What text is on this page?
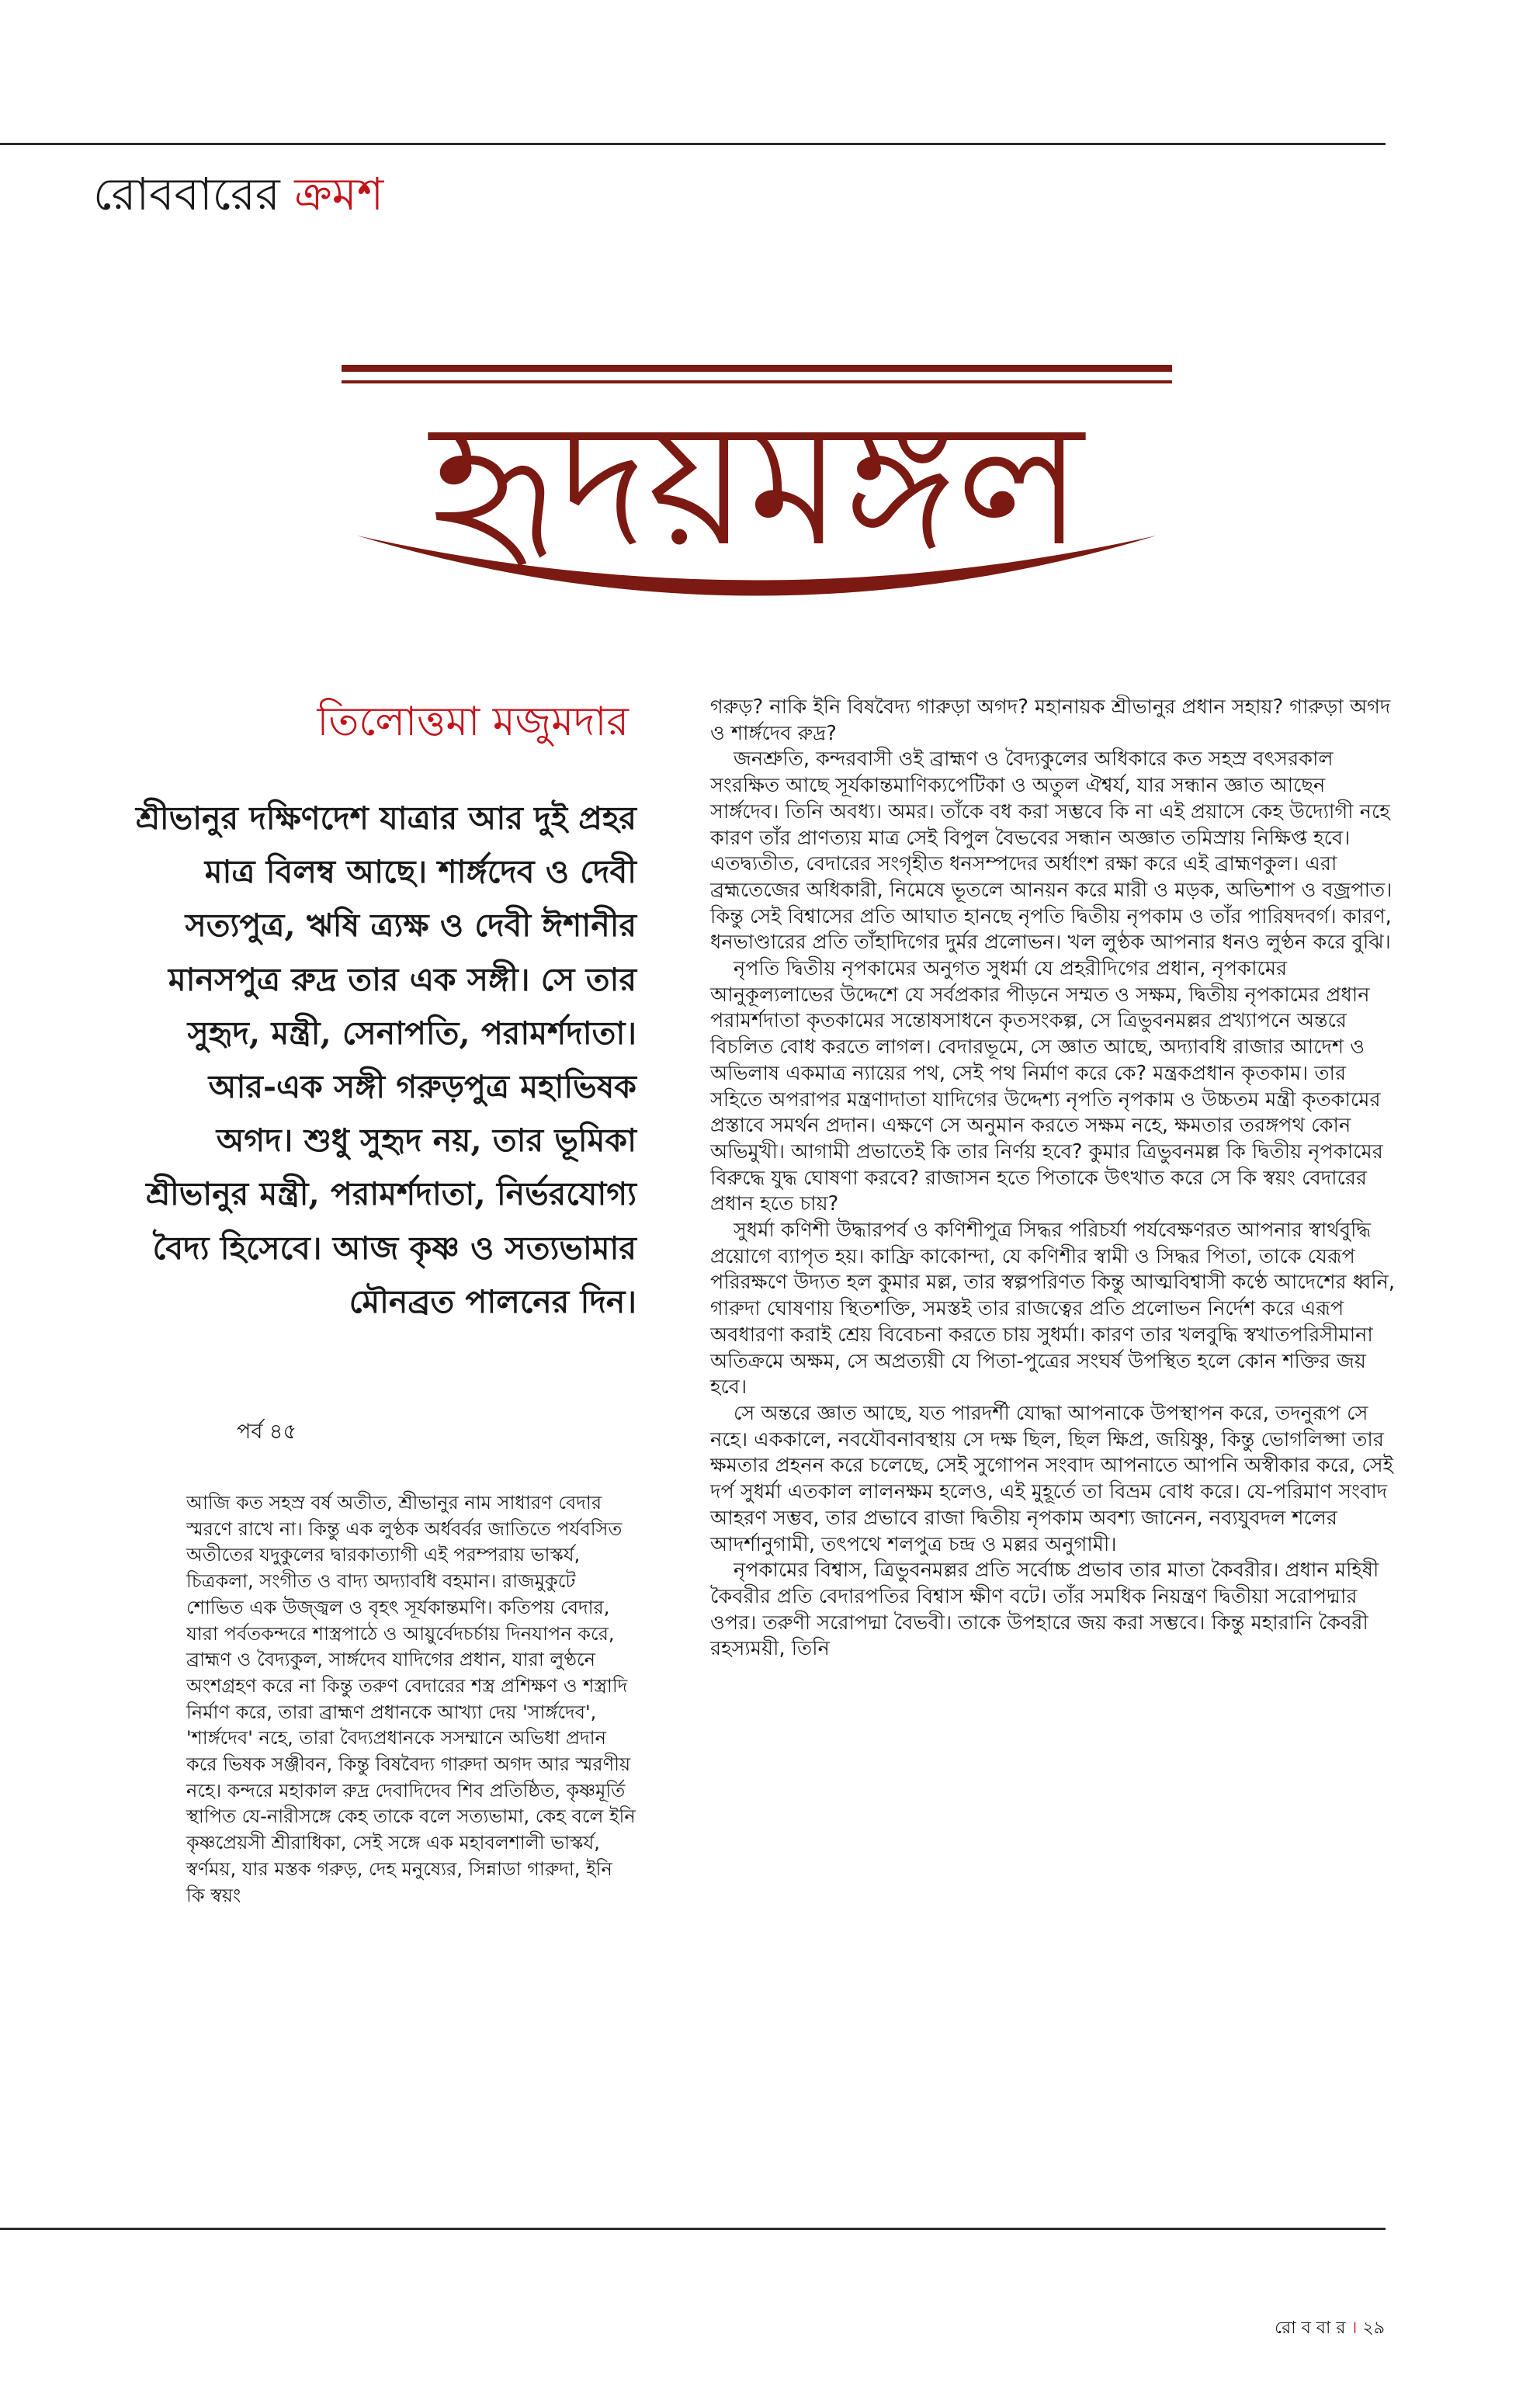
রোববারের ক্রমশ
হৃদয়মঙ্গল
তিলোত্তমা মজুমদার
শ্রীভানুর দক্ষিণদেশ যাত্রার আর দুই প্রহর মাত্র বিলম্ব আছে। শার্ঙ্গদেব ও দেবী সত্যপুত্র, ঋষি ত্র্যক্ষ ও দেবী ঈশানীর মানসপুত্র রুদ্র তার এক সঙ্গী। সে তার সুহৃদ, মন্ত্রী, সেনাপতি, পরামর্শদাতা। আর-এক সঙ্গী গরুড়পুত্র মহাভিষক অগদ। শুধু সুহৃদ নয়, তার ভূমিকা শ্রীভানুর মন্ত্রী, পরামর্শদাতা, নির্ভরযোগ্য বৈদ্য হিসেবে। আজ কৃষ্ণ ও সত্যভামার মৌনব্রত পালনের দিন।
পর্ব ৪৫
আজি কত সহস্র বর্ষ অতীত, শ্রীভানুর নাম সাধারণ বেদার স্মরণে রাখে না। কিন্তু এক লুণ্ঠক অর্ধবর্বর জাতিতে পর্যবসিত অতীতের যদুকুলের দ্বারকাত্যাগী এই পরম্পরায় ভাস্কর্য, চিত্রকলা, সংগীত ও বাদ্য অদ্যাবধি বহমান। রাজমুকুটে শোভিত এক উজ্জ্বল ও বৃহৎ সূর্যকান্তমণি। কতিপয় বেদার, যারা পর্বতকন্দরে শাস্ত্রপাঠে ও আয়ুর্বেদচর্চায় দিনযাপন করে, ব্রাহ্মণ ও বৈদ্যকুল, সার্ঙ্গদেব যাদিগের প্রধান, যারা লুণ্ঠনে অংশগ্রহণ করে না কিন্তু তরুণ বেদারের শস্ত্র প্রশিক্ষণ ও শস্ত্রাদি নির্মাণ করে, তারা ব্রাহ্মণ প্রধানকে আখ্যা দেয় 'সার্ঙ্গদেব', 'শার্ঙ্গদেব' নহে, তারা বৈদ্যপ্রধানকে সসম্মানে অভিধা প্রদান করে ভিষক সঞ্জীবন, কিন্তু বিষবৈদ্য গারুদা অগদ আর স্মরণীয় নহে। কন্দরে মহাকাল রুদ্র দেবাদিদেব শিব প্রতিষ্ঠিত, কৃষ্ণমূর্তি স্থাপিত যে-নারীসঙ্গে কেহ তাকে বলে সত্যভামা, কেহ বলে ইনি কৃষ্ণপ্রেয়সী শ্রীরাধিকা, সেই সঙ্গে এক মহাবলশালী ভাস্কর্য, স্বর্ণময়, যার মস্তক গরুড়, দেহ মনুষ্যের, সিন্নাডা গারুদা, ইনি কি স্বয়ং

গরুড়? নাকি ইনি বিষবৈদ্য গারুড়া অগদ? মহানায়ক শ্রীভানুর প্রধান সহায়? গারুড়া অগদ ও শার্ঙ্গদেব রুদ্র?

জনশ্রুতি, কন্দরবাসী ওই ব্রাহ্মণ ও বৈদ্যকুলের অধিকারে কত সহস্র বৎসরকাল সংরক্ষিত আছে সূর্যকান্তমাণিক্যপেটিকা ও অতুল ঐশ্বর্য, যার সন্ধান জ্ঞাত আছেন সার্ঙ্গদেব। তিনি অবধ্য। অমর। তাঁকে বধ করা সম্ভবে কি না এই প্রয়াসে কেহ উদ্যোগী নহে কারণ তাঁর প্রাণত্যয় মাত্র সেই বিপুল বৈভবের সন্ধান অজ্ঞাত তমিস্রায় নিক্ষিপ্ত হবে। এতদ্ব্যতীত, বেদারের সংগৃহীত ধনসম্পদের অর্ধাংশ রক্ষা করে এই ব্রাহ্মণকুল। এরা ব্রহ্মতেজের অধিকারী, নিমেষে ভূতলে আনয়ন করে মারী ও মড়ক, অভিশাপ ও বজ্রপাত। কিন্তু সেই বিশ্বাসের প্রতি আঘাত হানছে নৃপতি দ্বিতীয় নৃপকাম ও তাঁর পারিষদবর্গ। কারণ, ধনভাণ্ডারের প্রতি তাঁহাদিগের দুর্মর প্রলোভন। খল লুণ্ঠক আপনার ধনও লুণ্ঠন করে বুঝি।

নৃপতি দ্বিতীয় নৃপকামের অনুগত সুধর্মা যে প্রহরীদিগের প্রধান, নৃপকামের আনুকূল্যলাভের উদ্দেশে যে সর্বপ্রকার পীড়নে সম্মত ও সক্ষম, দ্বিতীয় নৃপকামের প্রধান পরামর্শদাতা কৃতকামের সন্তোষসাধনে কৃতসংকল্প, সে ত্রিভুবনমল্লর প্রখ্যাপনে অন্তরে বিচলিত বোধ করতে লাগল। বেদারভূমে, সে জ্ঞাত আছে, অদ্যাবধি রাজার আদেশ ও অভিলাষ একমাত্র ন্যায়ের পথ, সেই পথ নির্মাণ করে কে? মন্ত্রকপ্রধান কৃতকাম। তার সহিতে অপরাপর মন্ত্রণাদাতা যাদিগের উদ্দেশ্য নৃপতি নৃপকাম ও উচ্চতম মন্ত্রী কৃতকামের প্রস্তাবে সমর্থন প্রদান। এক্ষণে সে অনুমান করতে সক্ষম নহে, ক্ষমতার তরঙ্গপথ কোন অভিমুখী। আগামী প্রভাতেই কি তার নির্ণয় হবে? কুমার ত্রিভুবনমল্ল কি দ্বিতীয় নৃপকামের বিরুদ্ধে যুদ্ধ ঘোষণা করবে? রাজাসন হতে পিতাকে উৎখাত করে সে কি স্বয়ং বেদারের প্রধান হতে চায়?

সুধর্মা কণিশী উদ্ধারপর্ব ও কণিশীপুত্র সিদ্ধর পরিচর্যা পর্যবেক্ষণরত আপনার স্বার্থবুদ্ধি প্রয়োগে ব্যাপৃত হয়। কাফ্রি কাকোন্দা, যে কণিশীর স্বামী ও সিদ্ধর পিতা, তাকে যেরূপ পরিরক্ষণে উদ্যত হল কুমার মল্ল, তার স্বল্পপরিণত কিন্তু আত্মবিশ্বাসী কণ্ঠে আদেশের ধ্বনি, গারুদা ঘোষণায় স্থিতশক্তি, সমস্তই তার রাজত্বের প্রতি প্রলোভন নির্দেশ করে এরূপ অবধারণা করাই শ্রেয় বিবেচনা করতে চায় সুধর্মা। কারণ তার খলবুদ্ধি স্বখাতপরিসীমানা অতিক্রমে অক্ষম, সে অপ্রত্যয়ী যে পিতা-পুত্রের সংঘর্ষ উপস্থিত হলে কোন শক্তির জয় হবে।

সে অন্তরে জ্ঞাত আছে, যত পারদর্শী যোদ্ধা আপনাকে উপস্থাপন করে, তদনুরূপ সে নহে। এককালে, নবযৌবনাবস্থায় সে দক্ষ ছিল, ছিল ক্ষিপ্র, জয়িষ্ণু, কিন্তু ভোগলিপ্সা তার ক্ষমতার প্রহনন করে চলেছে, সেই সুগোপন সংবাদ আপনাতে আপনি অস্বীকার করে, সেই দর্প সুধর্মা এতকাল লালনক্ষম হলেও, এই মুহূর্তে তা বিভ্রম বোধ করে। যে-পরিমাণ সংবাদ আহরণ সম্ভব, তার প্রভাবে রাজা দ্বিতীয় নৃপকাম অবশ্য জানেন, নব্যযুবদল শলের আদর্শানুগামী, তৎপথে শলপুত্র চন্দ্র ও মল্লর অনুগামী।

নৃপকামের বিশ্বাস, ত্রিভুবনমল্লর প্রতি সর্বোচ্চ প্রভাব তার মাতা কৈবরীর। প্রধান মহিষী কৈবরীর প্রতি বেদারপতির বিশ্বাস ক্ষীণ বটে। তাঁর সমধিক নিয়ন্ত্রণ দ্বিতীয়া সরোপদ্মার ওপর। তরুণী সরোপদ্মা বৈভবী। তাকে উপহারে জয় করা সম্ভবে। কিন্তু মহারানি কৈবরী রহস্যময়ী, তিনি

রো ব বা র । ২৯
